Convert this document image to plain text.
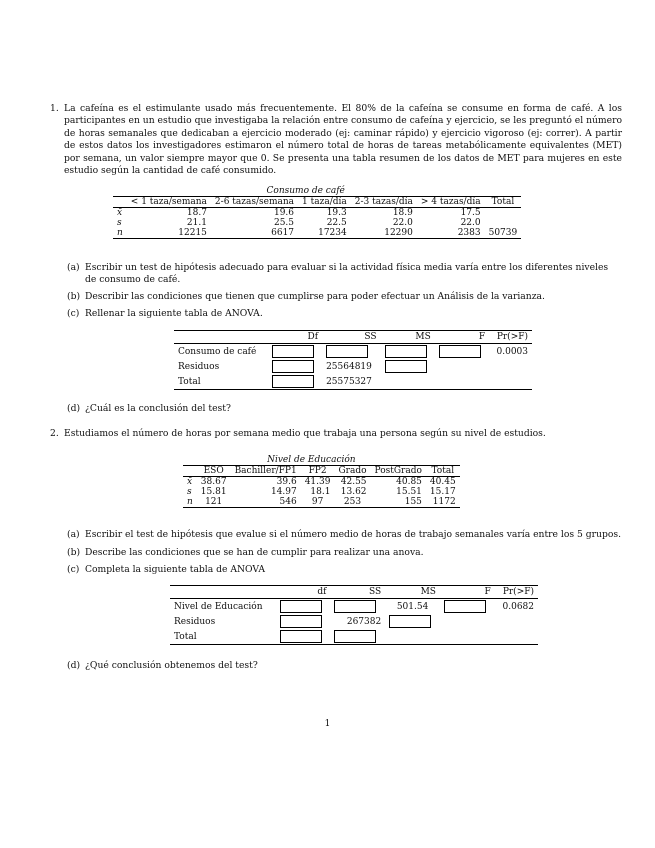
1. La cafeína es el estimulante usado más frecuentemente. El 80% de la cafeína se consume en forma de café. A los participantes en un estudio que investigaba la relación entre consumo de cafeína y ejercicio, se les preguntó el número de horas semanales que dedicaban a ejercicio moderado (ej: caminar rápido) y ejercicio vigoroso (ej: correr). A partir de estos datos los investigadores estimaron el número total de horas de tareas metabólicamente equivalentes (MET) por semana, un valor siempre mayor que 0. Se presenta una tabla resumen de los datos de MET para mujeres en este estudio según la cantidad de café consumido.
	Consumo de café					
	< 1 taza/semana	2-6 tazas/semana	1 taza/día	2-3 tazas/día	> 4 tazas/día	Total
x̄	18.7	19.6	19.3	18.9	17.5	
s	21.1	25.5	22.5	22.0	22.0	
n	12215	6617	17234	12290	2383	50739
(a) Escribir un test de hipótesis adecuado para evaluar si la actividad física media varía entre los diferentes niveles de consumo de café.
(b) Describir las condiciones que tienen que cumplirse para poder efectuar un Análisis de la varianza.
(c) Rellenar la siguiente tabla de ANOVA.
	Df	SS	MS	F	Pr(>F)
Consumo de café					0.0003
Residuos		25564819			
Total		25575327			
(d) ¿Cuál es la conclusión del test?
2. Estudiamos el número de horas por semana medio que trabaja una persona según su nivel de estudios.
	Nivel de Educación					
	ESO	Bachiller/FP1	FP2	Grado	PostGrado	Total
x̄	38.67	39.6	41.39	42.55	40.85	40.45
s	15.81	14.97	18.1	13.62	15.51	15.17
n	121	546	97	253	155	1172
(a) Escribir el test de hipótesis que evalue si el número medio de horas de trabajo semanales varía entre los 5 grupos.
(b) Describe las condiciones que se han de cumplir para realizar una anova.
(c) Completa la siguiente tabla de ANOVA
	df	SS	MS	F	Pr(>F)
Nivel de Educación			501.54		0.0682
Residuos		267382			
Total					
(d) ¿Qué conclusión obtenemos del test?
1
